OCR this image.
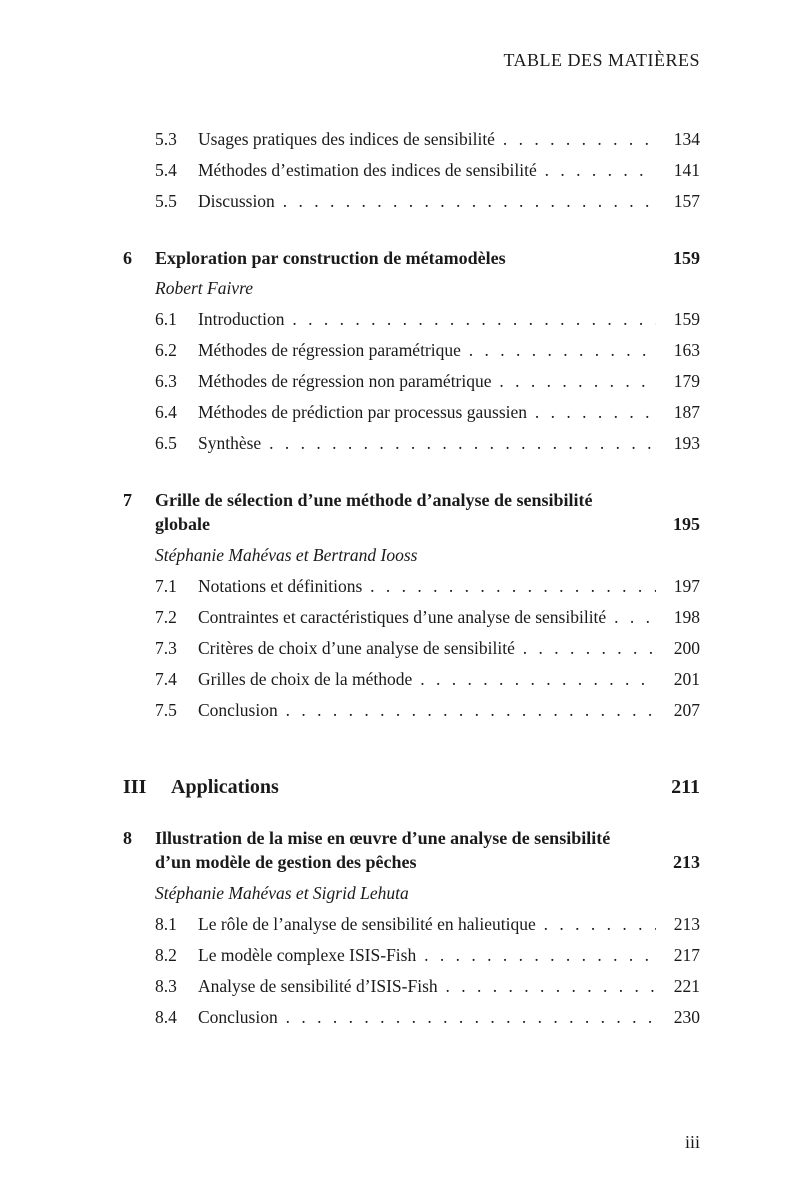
TABLE DES MATIÈRES
5.3 Usages pratiques des indices de sensibilité . . .	134
5.4 Méthodes d’estimation des indices de sensibilité . . .	141
5.5 Discussion . . .	157
6 Exploration par construction de métamodèles	159
Robert Faivre
6.1 Introduction . . .	159
6.2 Méthodes de régression paramétrique . . .	163
6.3 Méthodes de régression non paramétrique . . .	179
6.4 Méthodes de prédiction par processus gaussien . . .	187
6.5 Synthèse . . .	193
7 Grille de sélection d’une méthode d’analyse de sensibilité
globale	195
Stéphanie Mahévas et Bertrand Iooss
7.1 Notations et définitions . . .	197
7.2 Contraintes et caractéristiques d’une analyse de sensibilité . . .	198
7.3 Critères de choix d’une analyse de sensibilité . . .	200
7.4 Grilles de choix de la méthode . . .	201
7.5 Conclusion . . .	207
III Applications	211
8 Illustration de la mise en œuvre d’une analyse de sensibilité
d’un modèle de gestion des pêches	213
Stéphanie Mahévas et Sigrid Lehuta
8.1 Le rôle de l’analyse de sensibilité en halieutique . . .	213
8.2 Le modèle complexe ISIS-Fish . . .	217
8.3 Analyse de sensibilité d’ISIS-Fish . . .	221
8.4 Conclusion . . .	230
iii
